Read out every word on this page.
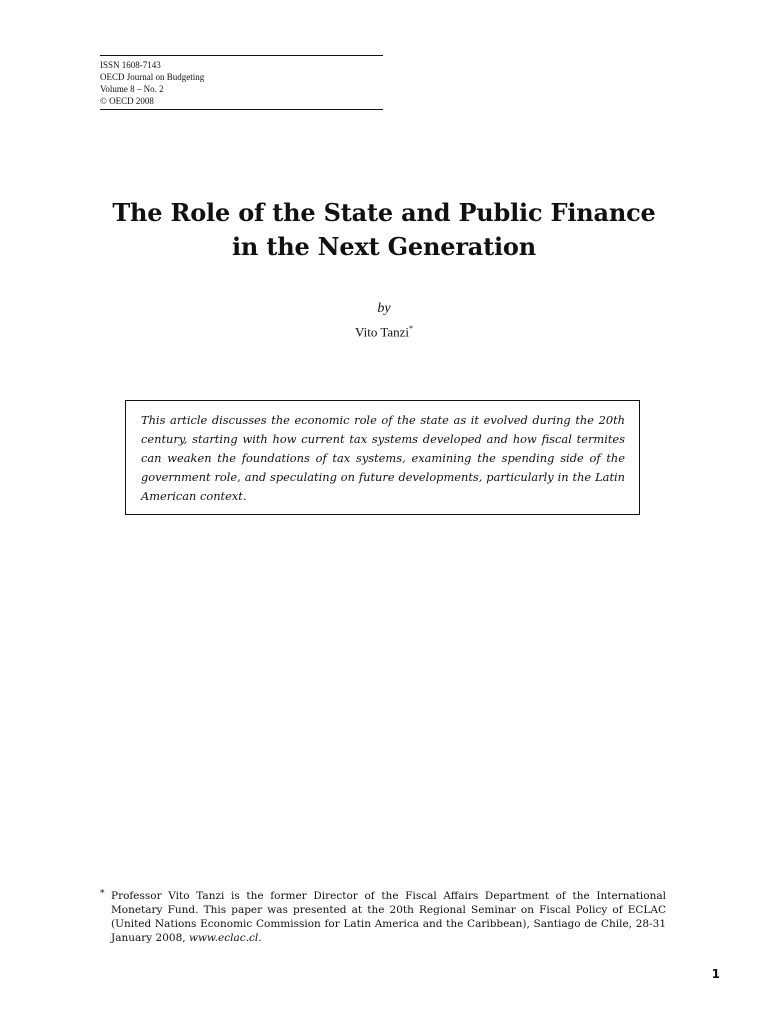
ISSN 1608-7143
OECD Journal on Budgeting
Volume 8 – No. 2
© OECD 2008
The Role of the State and Public Finance
in the Next Generation
by
Vito Tanzi*

This article discusses the economic role of the state as it evolved during the 20th century, starting with how current tax systems developed and how fiscal termites can weaken the foundations of tax systems, examining the spending side of the government role, and speculating on future developments, particularly in the Latin American context.

* Professor Vito Tanzi is the former Director of the Fiscal Affairs Department of the International Monetary Fund. This paper was presented at the 20th Regional Seminar on Fiscal Policy of ECLAC (United Nations Economic Commission for Latin America and the Caribbean), Santiago de Chile, 28-31 January 2008, www.eclac.cl.

1
